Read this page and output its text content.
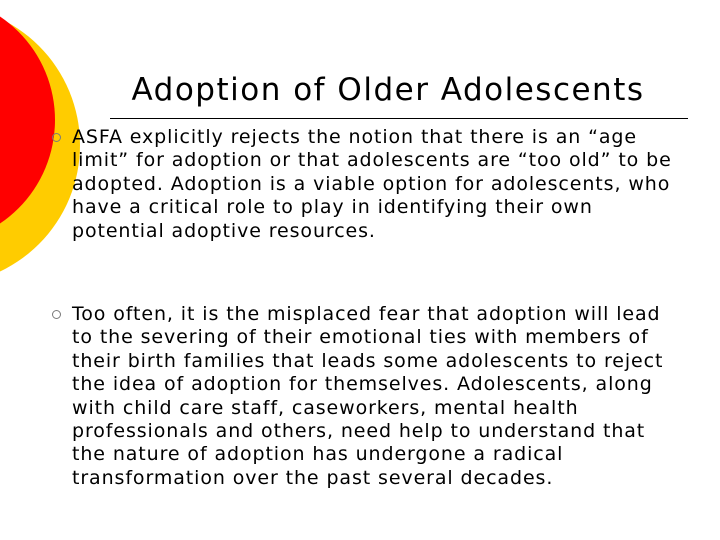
Adoption of Older Adolescents

ASFA explicitly rejects the notion that there is an “age limit” for adoption or that adolescents are “too old” to be adopted. Adoption is a viable option for adolescents, who have a critical role to play in identifying their own potential adoptive resources.

Too often, it is the misplaced fear that adoption will lead to the severing of their emotional ties with members of their birth families that leads some adolescents to reject the idea of adoption for themselves. Adolescents, along with child care staff, caseworkers, mental health professionals and others, need help to understand that the nature of adoption has undergone a radical transformation over the past several decades.
